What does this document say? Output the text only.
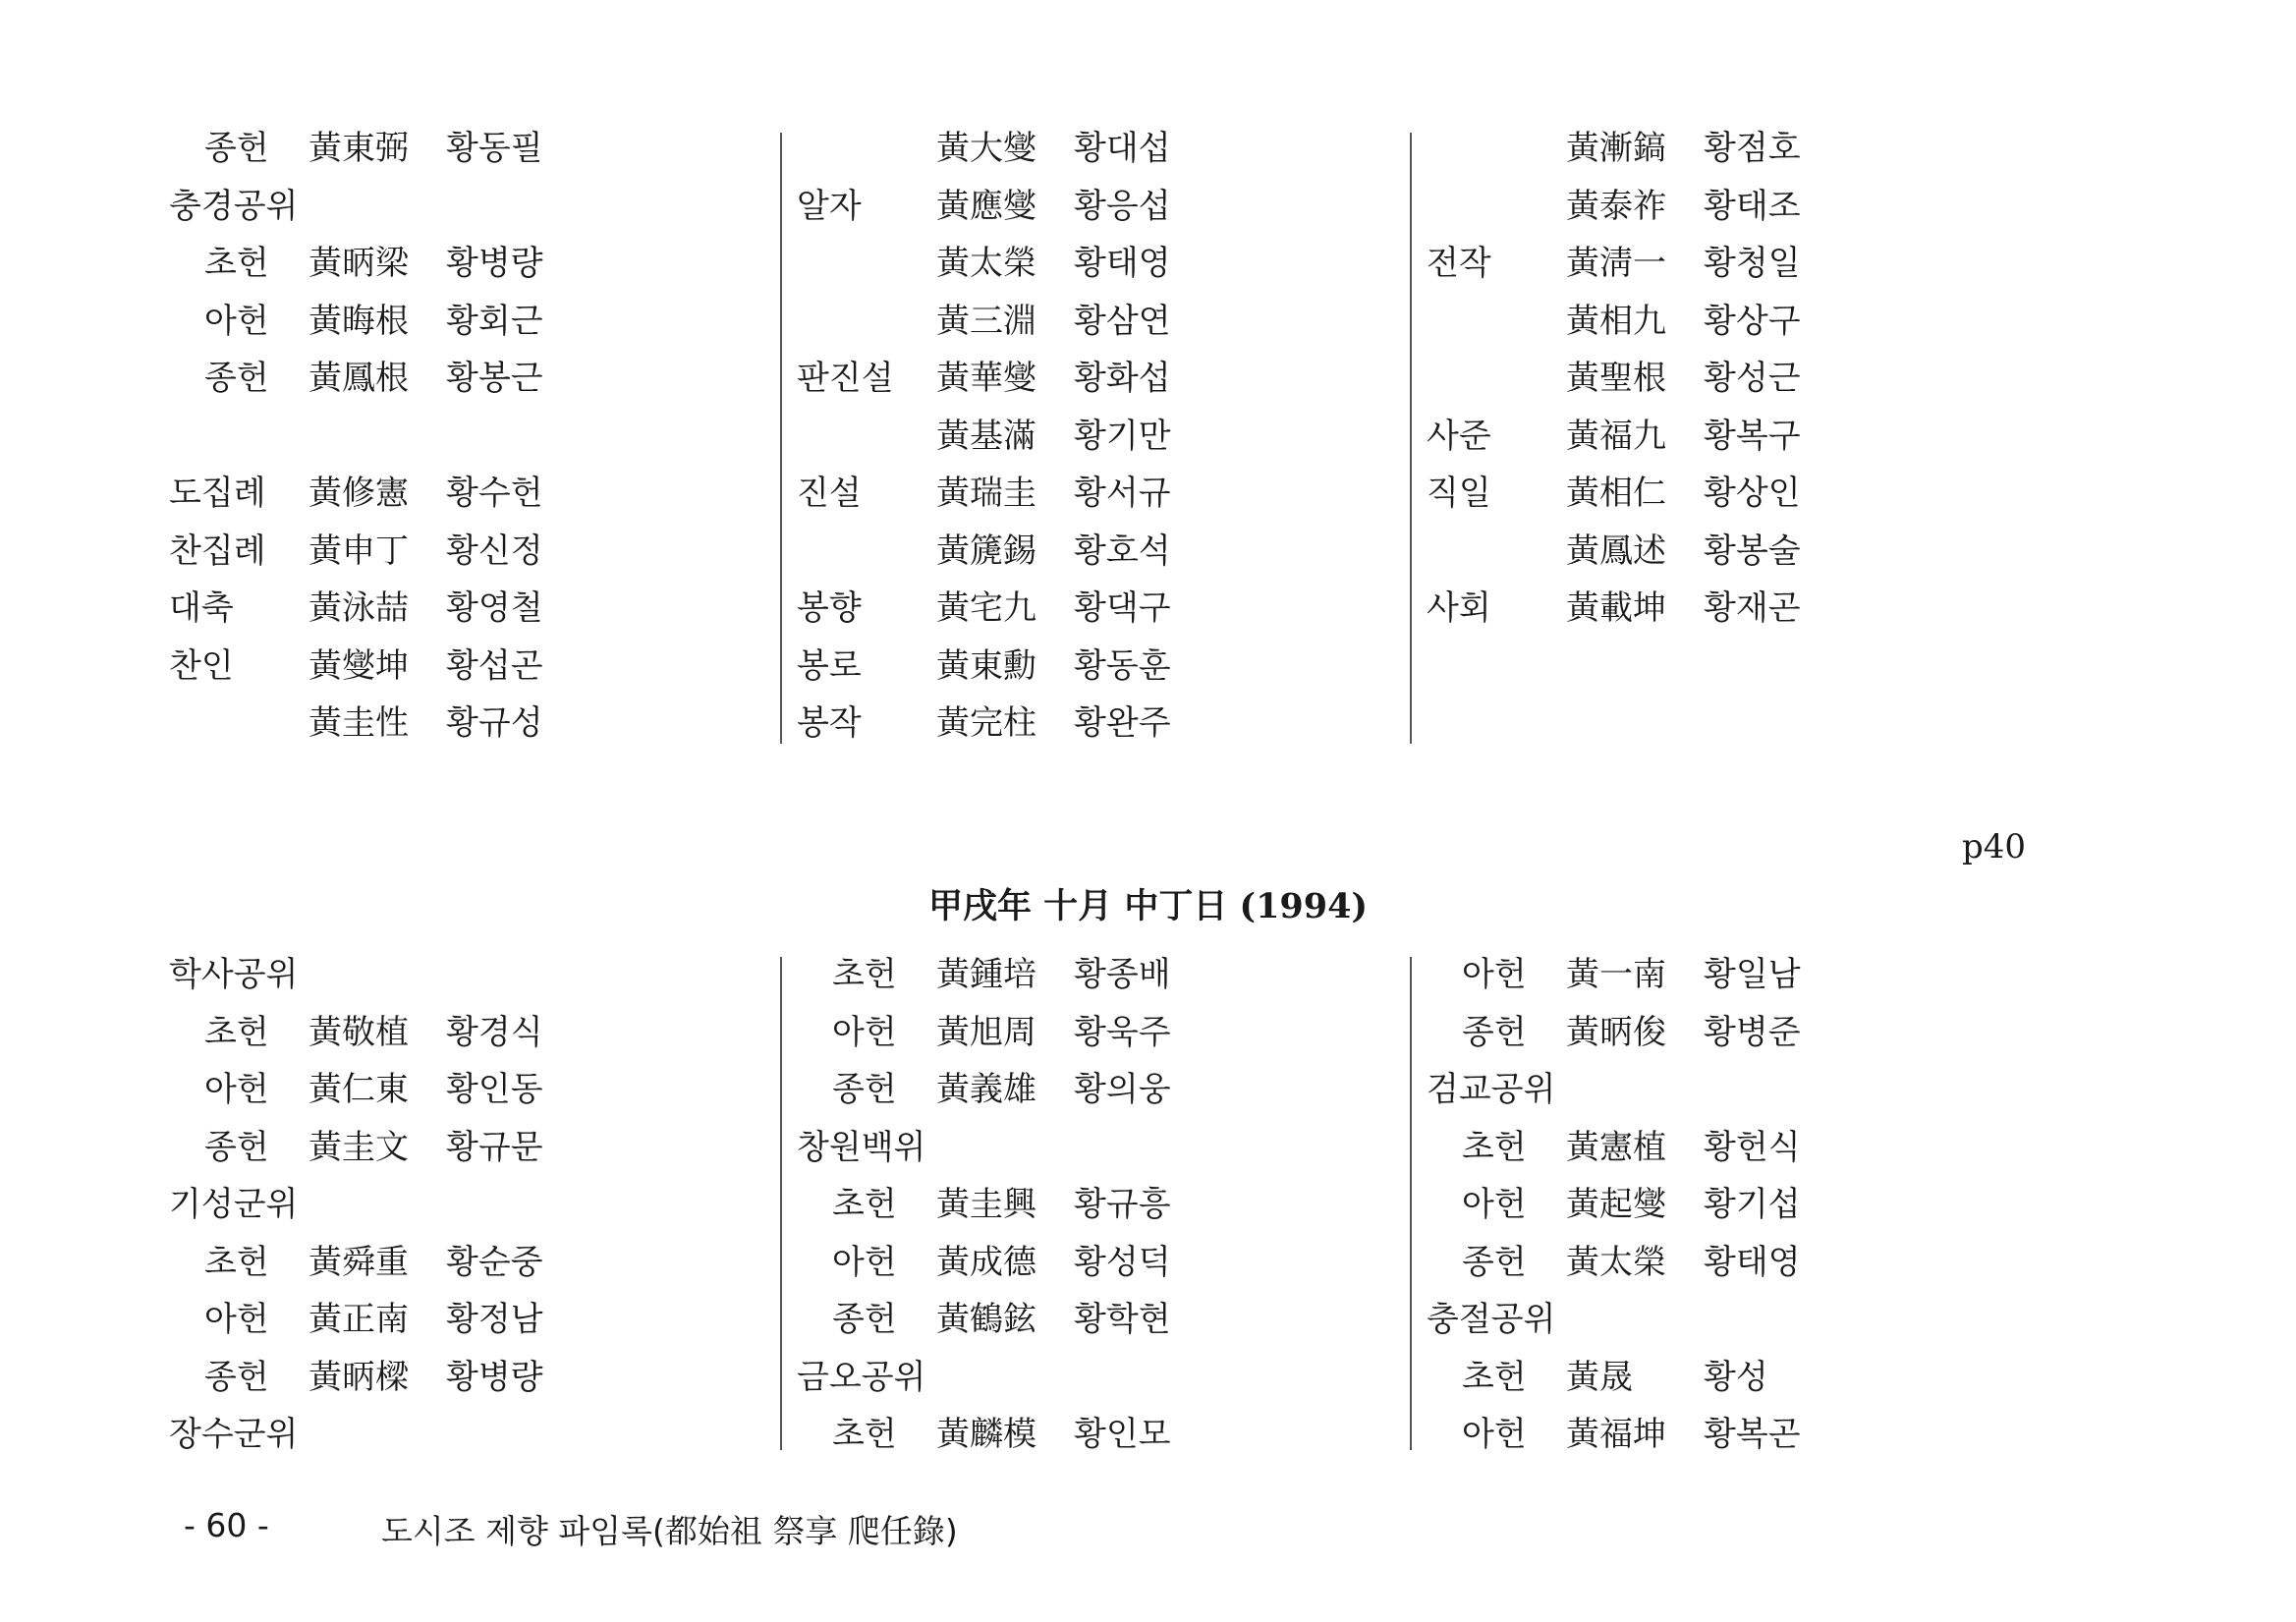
종헌 黃東弼 황동필
충경공위
초헌 黃昞梁 황병량
아헌 黃晦根 황회근
종헌 黃鳳根 황봉근
도집례 黃修憲 황수헌
찬집례 黃申丁 황신정
대축 黃泳喆 황영철
찬인 黃燮坤 황섭곤
黃圭性 황규성
黃大燮 황대섭
알자 黃應燮 황응섭
黃太榮 황태영
黃三淵 황삼연
판진설 黃華燮 황화섭
黃基滿 황기만
진설 黃瑞圭 황서규
黃篪錫 황호석
봉향 黃宅九 황댁구
봉로 黃東勳 황동훈
봉작 黃完柱 황완주
黃漸鎬 황점호
黃泰祚 황태조
전작 黃淸一 황청일
黃相九 황상구
黃聖根 황성근
사준 黃福九 황복구
직일 黃相仁 황상인
黃鳳述 황봉술
사회 黃載坤 황재곤
p40
甲戌年 十月 中丁日 (1994)
학사공위
초헌 黃敬植 황경식
아헌 黃仁東 황인동
종헌 黃圭文 황규문
기성군위
초헌 黃舜重 황순중
아헌 黃正南 황정남
종헌 黃昞樑 황병량
장수군위
초헌 黃鍾培 황종배
아헌 黃旭周 황욱주
종헌 黃義雄 황의웅
창원백위
초헌 黃圭興 황규흥
아헌 黃成德 황성덕
종헌 黃鶴鉉 황학현
금오공위
초헌 黃麟模 황인모
아헌 黃一南 황일남
종헌 黃昞俊 황병준
검교공위
초헌 黃憲植 황헌식
아헌 黃起燮 황기섭
종헌 黃太榮 황태영
충절공위
초헌 黃晟 황성
아헌 黃福坤 황복곤
- 60 -	도시조 제향 파임록(都始祖 祭享 爬任錄)
